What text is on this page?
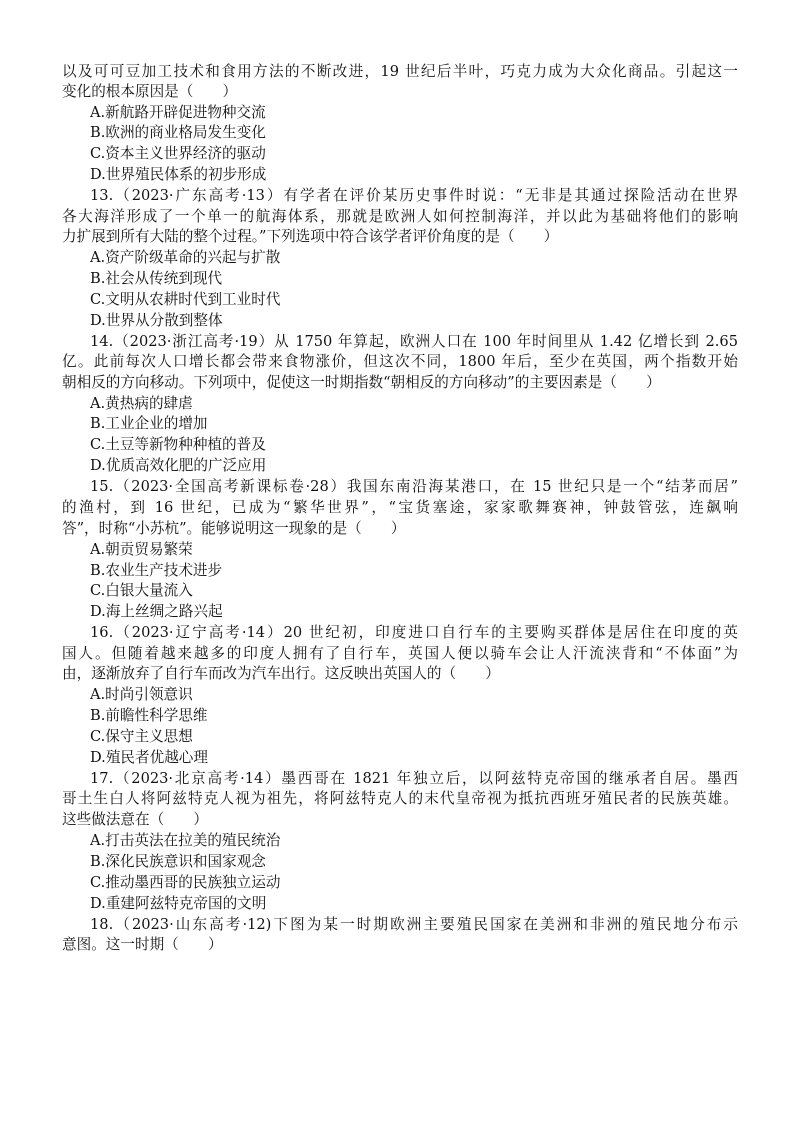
以及可可豆加工技术和食用方法的不断改进，19 世纪后半叶，巧克力成为大众化商品。引起这一
变化的根本原因是（　　）
A.新航路开辟促进物种交流
B.欧洲的商业格局发生变化
C.资本主义世界经济的驱动
D.世界殖民体系的初步形成
13.（2023·广东高考·13）有学者在评价某历史事件时说：“无非是其通过探险活动在世界
各大海洋形成了一个单一的航海体系，那就是欧洲人如何控制海洋，并以此为基础将他们的影响
力扩展到所有大陆的整个过程。”下列选项中符合该学者评价角度的是（　　）
A.资产阶级革命的兴起与扩散
B.社会从传统到现代
C.文明从农耕时代到工业时代
D.世界从分散到整体
14.（2023·浙江高考·19）从 1750 年算起，欧洲人口在 100 年时间里从 1.42 亿增长到 2.65
亿。此前每次人口增长都会带来食物涨价，但这次不同，1800 年后，至少在英国，两个指数开始
朝相反的方向移动。下列项中，促使这一时期指数“朝相反的方向移动”的主要因素是（　　）
A.黄热病的肆虐
B.工业企业的增加
C.土豆等新物种种植的普及
D.优质高效化肥的广泛应用
15.（2023·全国高考新课标卷·28）我国东南沿海某港口，在 15 世纪只是一个“结茅而居”
的渔村，到 16 世纪，已成为“繁华世界”，“宝货塞途，家家歌舞赛神，钟鼓管弦，连飙响
答”，时称“小苏杭”。能够说明这一现象的是（　　）
A.朝贡贸易繁荣
B.农业生产技术进步
C.白银大量流入
D.海上丝绸之路兴起
16.（2023·辽宁高考·14）20 世纪初，印度进口自行车的主要购买群体是居住在印度的英
国人。但随着越来越多的印度人拥有了自行车，英国人便以骑车会让人汗流浃背和“不体面”为
由，逐渐放弃了自行车而改为汽车出行。这反映出英国人的（　　）
A.时尚引领意识
B.前瞻性科学思维
C.保守主义思想
D.殖民者优越心理
17.（2023·北京高考·14）墨西哥在 1821 年独立后，以阿兹特克帝国的继承者自居。墨西
哥土生白人将阿兹特克人视为祖先，将阿兹特克人的末代皇帝视为抵抗西班牙殖民者的民族英雄。
这些做法意在（　　）
A.打击英法在拉美的殖民统治
B.深化民族意识和国家观念
C.推动墨西哥的民族独立运动
D.重建阿兹特克帝国的文明
18.（2023·山东高考·12)下图为某一时期欧洲主要殖民国家在美洲和非洲的殖民地分布示
意图。这一时期（　　）
